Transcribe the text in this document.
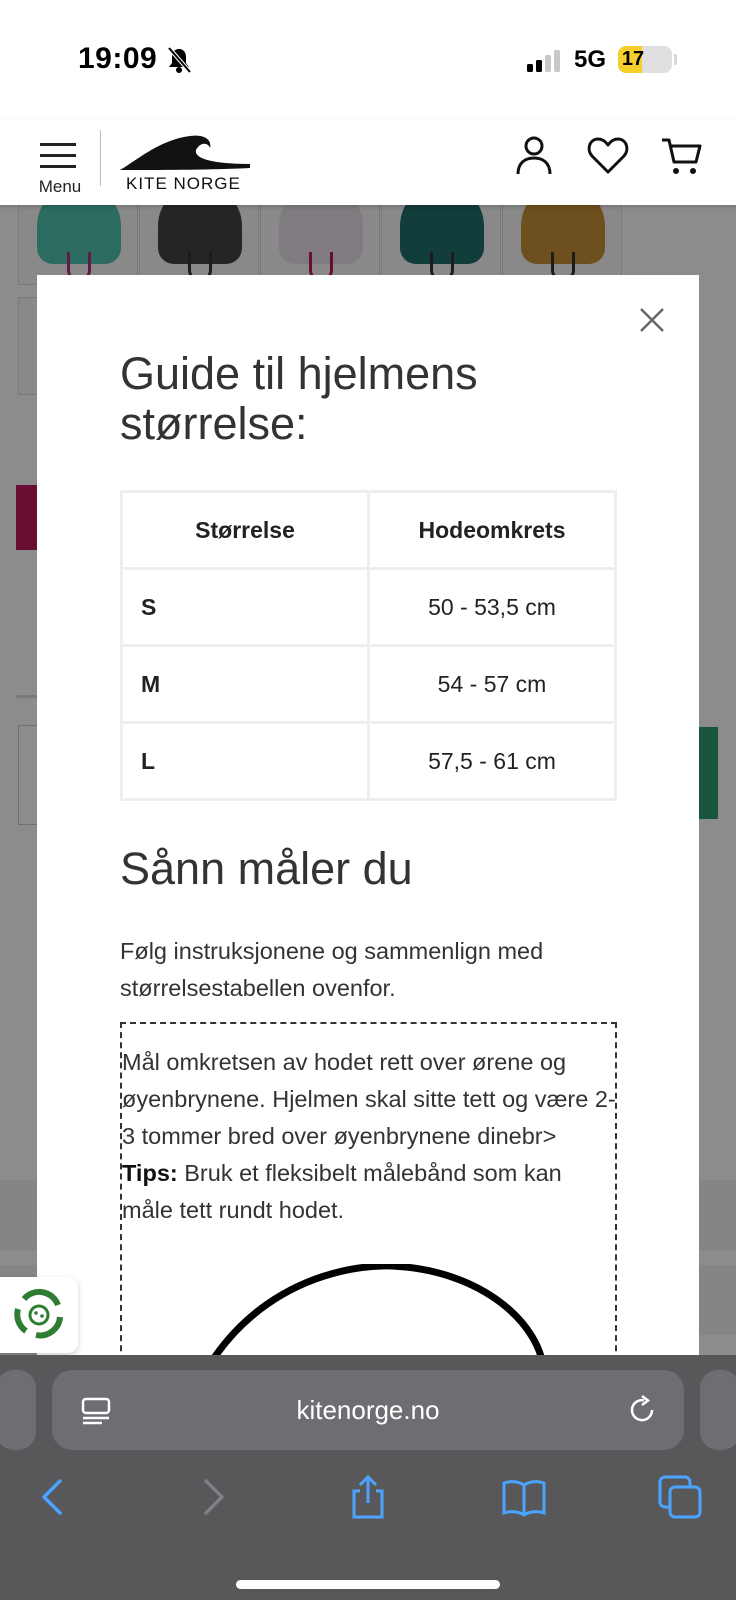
19:09	5G 17
Menu	KITE NORGE
Guide til hjelmens størrelse:
Størrelse	Hodeomkrets
S	50 - 53,5 cm
M	54 - 57 cm
L	57,5 - 61 cm
Sånn måler du

Følg instruksjonene og sammenlign med størrelsestabellen ovenfor.

Mål omkretsen av hodet rett over ørene og øyenbrynene. Hjelmen skal sitte tett og være 2-3 tommer bred over øyenbrynene dinebr>
Tips: Bruk et fleksibelt målebånd som kan måle tett rundt hodet.
kitenorge.no
